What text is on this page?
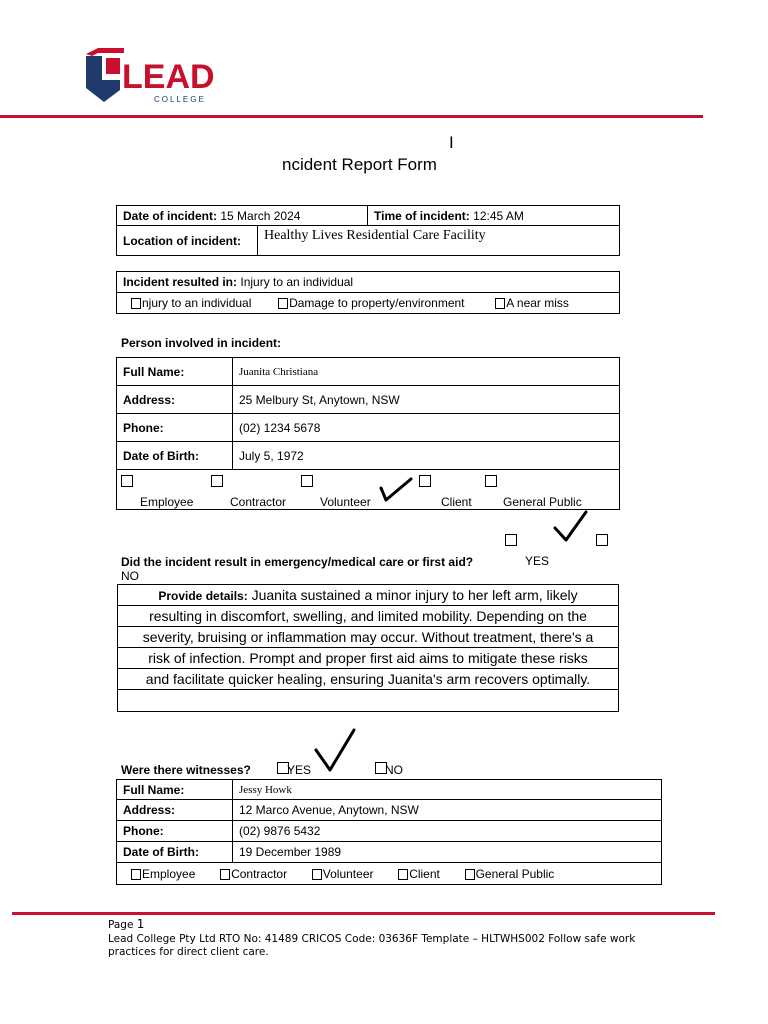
LEAD
COLLEGE
I
ncident Report Form
Date of incident: 15 March 2024	Time of incident: 12:45 AM
Location of incident:	Healthy Lives Residential Care Facility
Incident resulted in: Injury to an individual
njury to an individual	Damage to property/environment	A near miss
Person involved in incident:
Full Name:	Juanita Christiana
Address:	25 Melbury St, Anytown, NSW
Phone:	(02) 1234 5678
Date of Birth:	July 5, 1972

Employee	Contractor	Volunteer	Client	General Public
Did the incident result in emergency/medical care or first aid?	YES
NO
Provide details: Juanita sustained a minor injury to her left arm, likely
resulting in discomfort, swelling, and limited mobility. Depending on the
severity, bruising or inflammation may occur. Without treatment, there's a
risk of infection. Prompt and proper first aid aims to mitigate these risks
and facilitate quicker healing, ensuring Juanita's arm recovers optimally.
Were there witnesses?	YES	NO
Full Name:	Jessy Howk
Address:	12 Marco Avenue, Anytown, NSW
Phone:	(02) 9876 5432
Date of Birth:	19 December 1989
Employee Contractor Volunteer Client General Public	
Page 1
Lead College Pty Ltd RTO No: 41489 CRICOS Code: 03636F Template – HLTWHS002 Follow safe work
practices for direct client care.
